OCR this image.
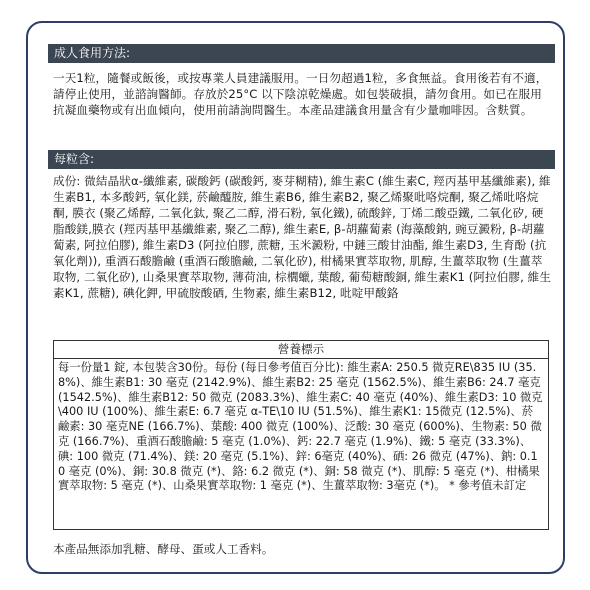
成人食用方法:
一天1粒，隨餐或飯後，或按專業人員建議服用。一日勿超過1粒，多食無益。食用後若有不適，請停止使用，並諮詢醫師。存放於25°C 以下陰涼乾燥處。如包裝破損，請勿食用。如已在服用抗凝血藥物或有出血傾向，使用前請詢問醫生。本產品建議食用量含有少量咖啡因。含麩質。
每粒含:
成份: 微結晶狀α-纖維素, 碳酸鈣 (碳酸鈣, 麥芽糊精), 維生素C (維生素C, 羥丙基甲基纖維素), 維生素B1, 本多酸鈣, 氧化鎂, 菸鹼醯胺, 維生素B6, 維生素B2, 聚乙烯聚吡咯烷酮, 聚乙烯吡咯烷酮, 膜衣 (聚乙烯醇, 二氧化鈦, 聚乙二醇, 滑石粉, 氧化鐵), 硫酸鋅, 丁烯二酸亞鐵, 二氧化矽, 硬脂酸鎂,膜衣 (羥丙基甲基纖維素, 聚乙二醇), 維生素E, β-胡蘿蔔素 (海藻酸鈉, 豌豆澱粉, β-胡蘿蔔素, 阿拉伯膠), 維生素D3 (阿拉伯膠, 蔗糖, 玉米澱粉, 中鏈三酸甘油酯, 維生素D3, 生育酚 (抗氧化劑)), 重酒石酸膽鹼 (重酒石酸膽鹼, 二氧化矽), 柑橘果實萃取物, 肌醇, 生薑萃取物 (生薑萃取物, 二氧化矽), 山桑果實萃取物, 薄荷油, 棕櫚蠟, 葉酸, 葡萄糖酸銅, 維生素K1 (阿拉伯膠, 維生素K1, 蔗糖), 碘化鉀, 甲硫胺酸硒, 生物素, 維生素B12, 吡啶甲酸鉻
營養標示
每一份量1 錠, 本包裝含30份。每份 (每日參考值百分比): 維生素A: 250.5 微克RE\835 IU (35.8%)、維生素B1: 30 毫克 (2142.9%)、維生素B2: 25 毫克 (1562.5%)、維生素B6: 24.7 毫克 (1542.5%)、維生素B12: 50 微克 (2083.3%)、維生素C: 40 毫克 (40%)、維生素D3: 10 微克\400 IU (100%)、維生素E: 6.7 毫克 α-TE\10 IU (51.5%)、維生素K1: 15微克 (12.5%)、菸鹼素: 30 毫克NE (166.7%)、葉酸: 400 微克 (100%)、泛酸: 30 毫克 (600%)、生物素: 50 微克 (166.7%)、重酒石酸膽鹼: 5 毫克 (1.0%)、鈣: 22.7 毫克 (1.9%)、鐵: 5 毫克 (33.3%)、碘: 100 微克 (71.4%)、鎂: 20 毫克 (5.1%)、鋅: 6毫克 (40%)、硒: 26 微克 (47%)、鈉: 0.10 毫克 (0%)、銅: 30.8 微克 (*)、鉻: 6.2 微克 (*)、銅: 58 微克 (*)、肌醇: 5 毫克 (*)、柑橘果實萃取物: 5 毫克 (*)、山桑果實萃取物: 1 毫克 (*)、生薑萃取物: 3毫克 (*)。 * 參考值未訂定
本產品無添加乳糖、酵母、蛋或人工香料。
